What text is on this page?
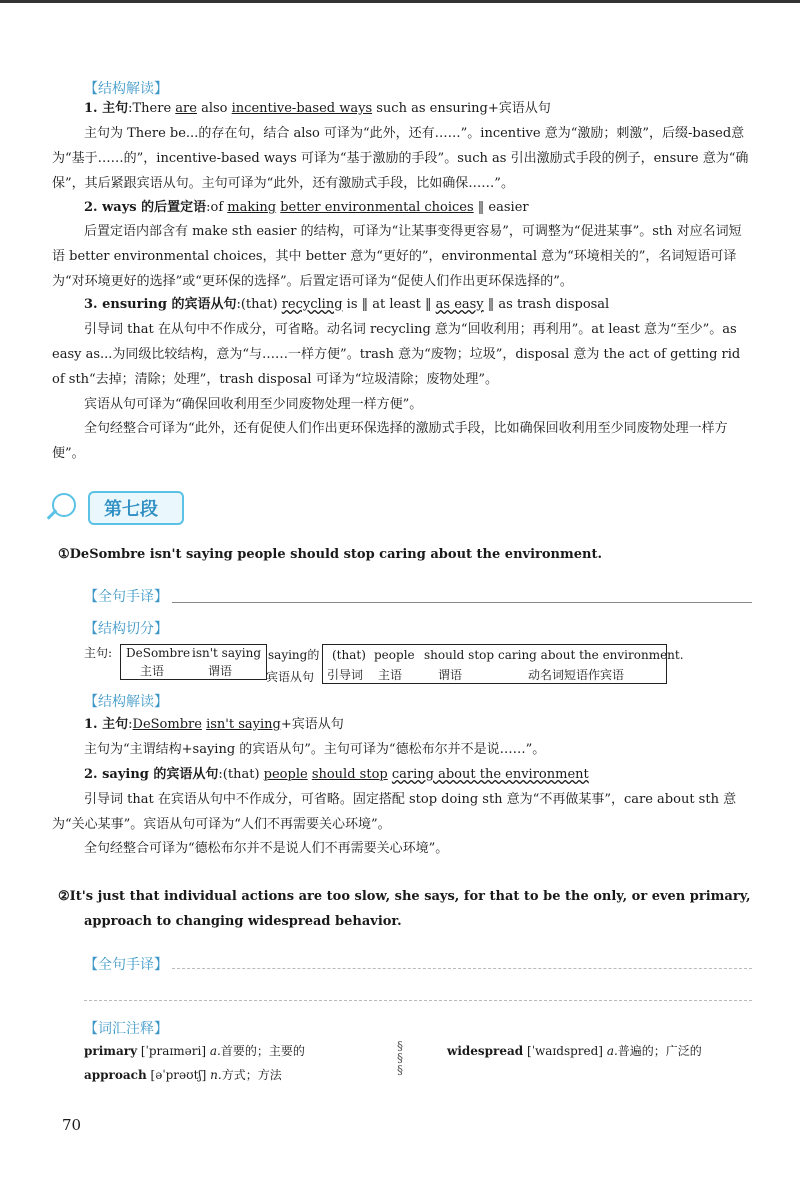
【结构解读】
1. 主句:There are also incentive-based ways such as ensuring+宾语从句

主句为 There be...的存在句，结合 also 可译为“此外，还有……”。incentive 意为“激励；刺激”，后缀-based意为“基于……的”，incentive-based ways 可译为“基于激励的手段”。such as 引出激励式手段的例子，ensure 意为“确保”，其后紧跟宾语从句。主句可译为“此外，还有激励式手段，比如确保……”。

2. ways 的后置定语:of making better environmental choices ‖ easier

后置定语内部含有 make sth easier 的结构，可译为“让某事变得更容易”，可调整为“促进某事”。sth 对应名词短语 better environmental choices，其中 better 意为“更好的”，environmental 意为“环境相关的”，名词短语可译为“对环境更好的选择”或“更环保的选择”。后置定语可译为“促使人们作出更环保选择的”。

3. ensuring 的宾语从句:(that) recycling is ‖ at least ‖ as easy ‖ as trash disposal

引导词 that 在从句中不作成分，可省略。动名词 recycling 意为“回收利用；再利用”。at least 意为“至少”。as easy as...为同级比较结构，意为“与……一样方便”。trash 意为“废物；垃圾”，disposal 意为 the act of getting rid of sth“去掉；清除；处理”，trash disposal 可译为“垃圾清除；废物处理”。

宾语从句可译为“确保回收利用至少同废物处理一样方便”。

全句经整合可译为“此外，还有促使人们作出更环保选择的激励式手段，比如确保回收利用至少同废物处理一样方便”。

第七段
①DeSombre isn't saying people should stop caring about the environment.
【全句手译】
【结构切分】
主句: DeSombre
主语
isn't saying
谓语
saying的
宾语从句
(that)
引导词
people
主语
should stop
谓语
caring about the environment.
动名词短语作宾语
【结构解读】
1. 主句:DeSombre isn't saying+宾语从句

主句为“主谓结构+saying 的宾语从句”。主句可译为“德松布尔并不是说……”。

2. saying 的宾语从句:(that) people should stop caring about the environment

引导词 that 在宾语从句中不作成分，可省略。固定搭配 stop doing sth 意为“不再做某事”，care about sth 意为“关心某事”。宾语从句可译为“人们不再需要关心环境”。

全句经整合可译为“德松布尔并不是说人们不再需要关心环境”。

②It's just that individual actions are too slow, she says, for that to be the only, or even primary,
approach to changing widespread behavior.
【全句手译】
【词汇注释】
primary [ˈpraɪməri] a.首要的；主要的
approach [əˈprəʊtʃ] n.方式；方法
§
§
§
widespread [ˈwaɪdspred] a.普遍的；广泛的
70
